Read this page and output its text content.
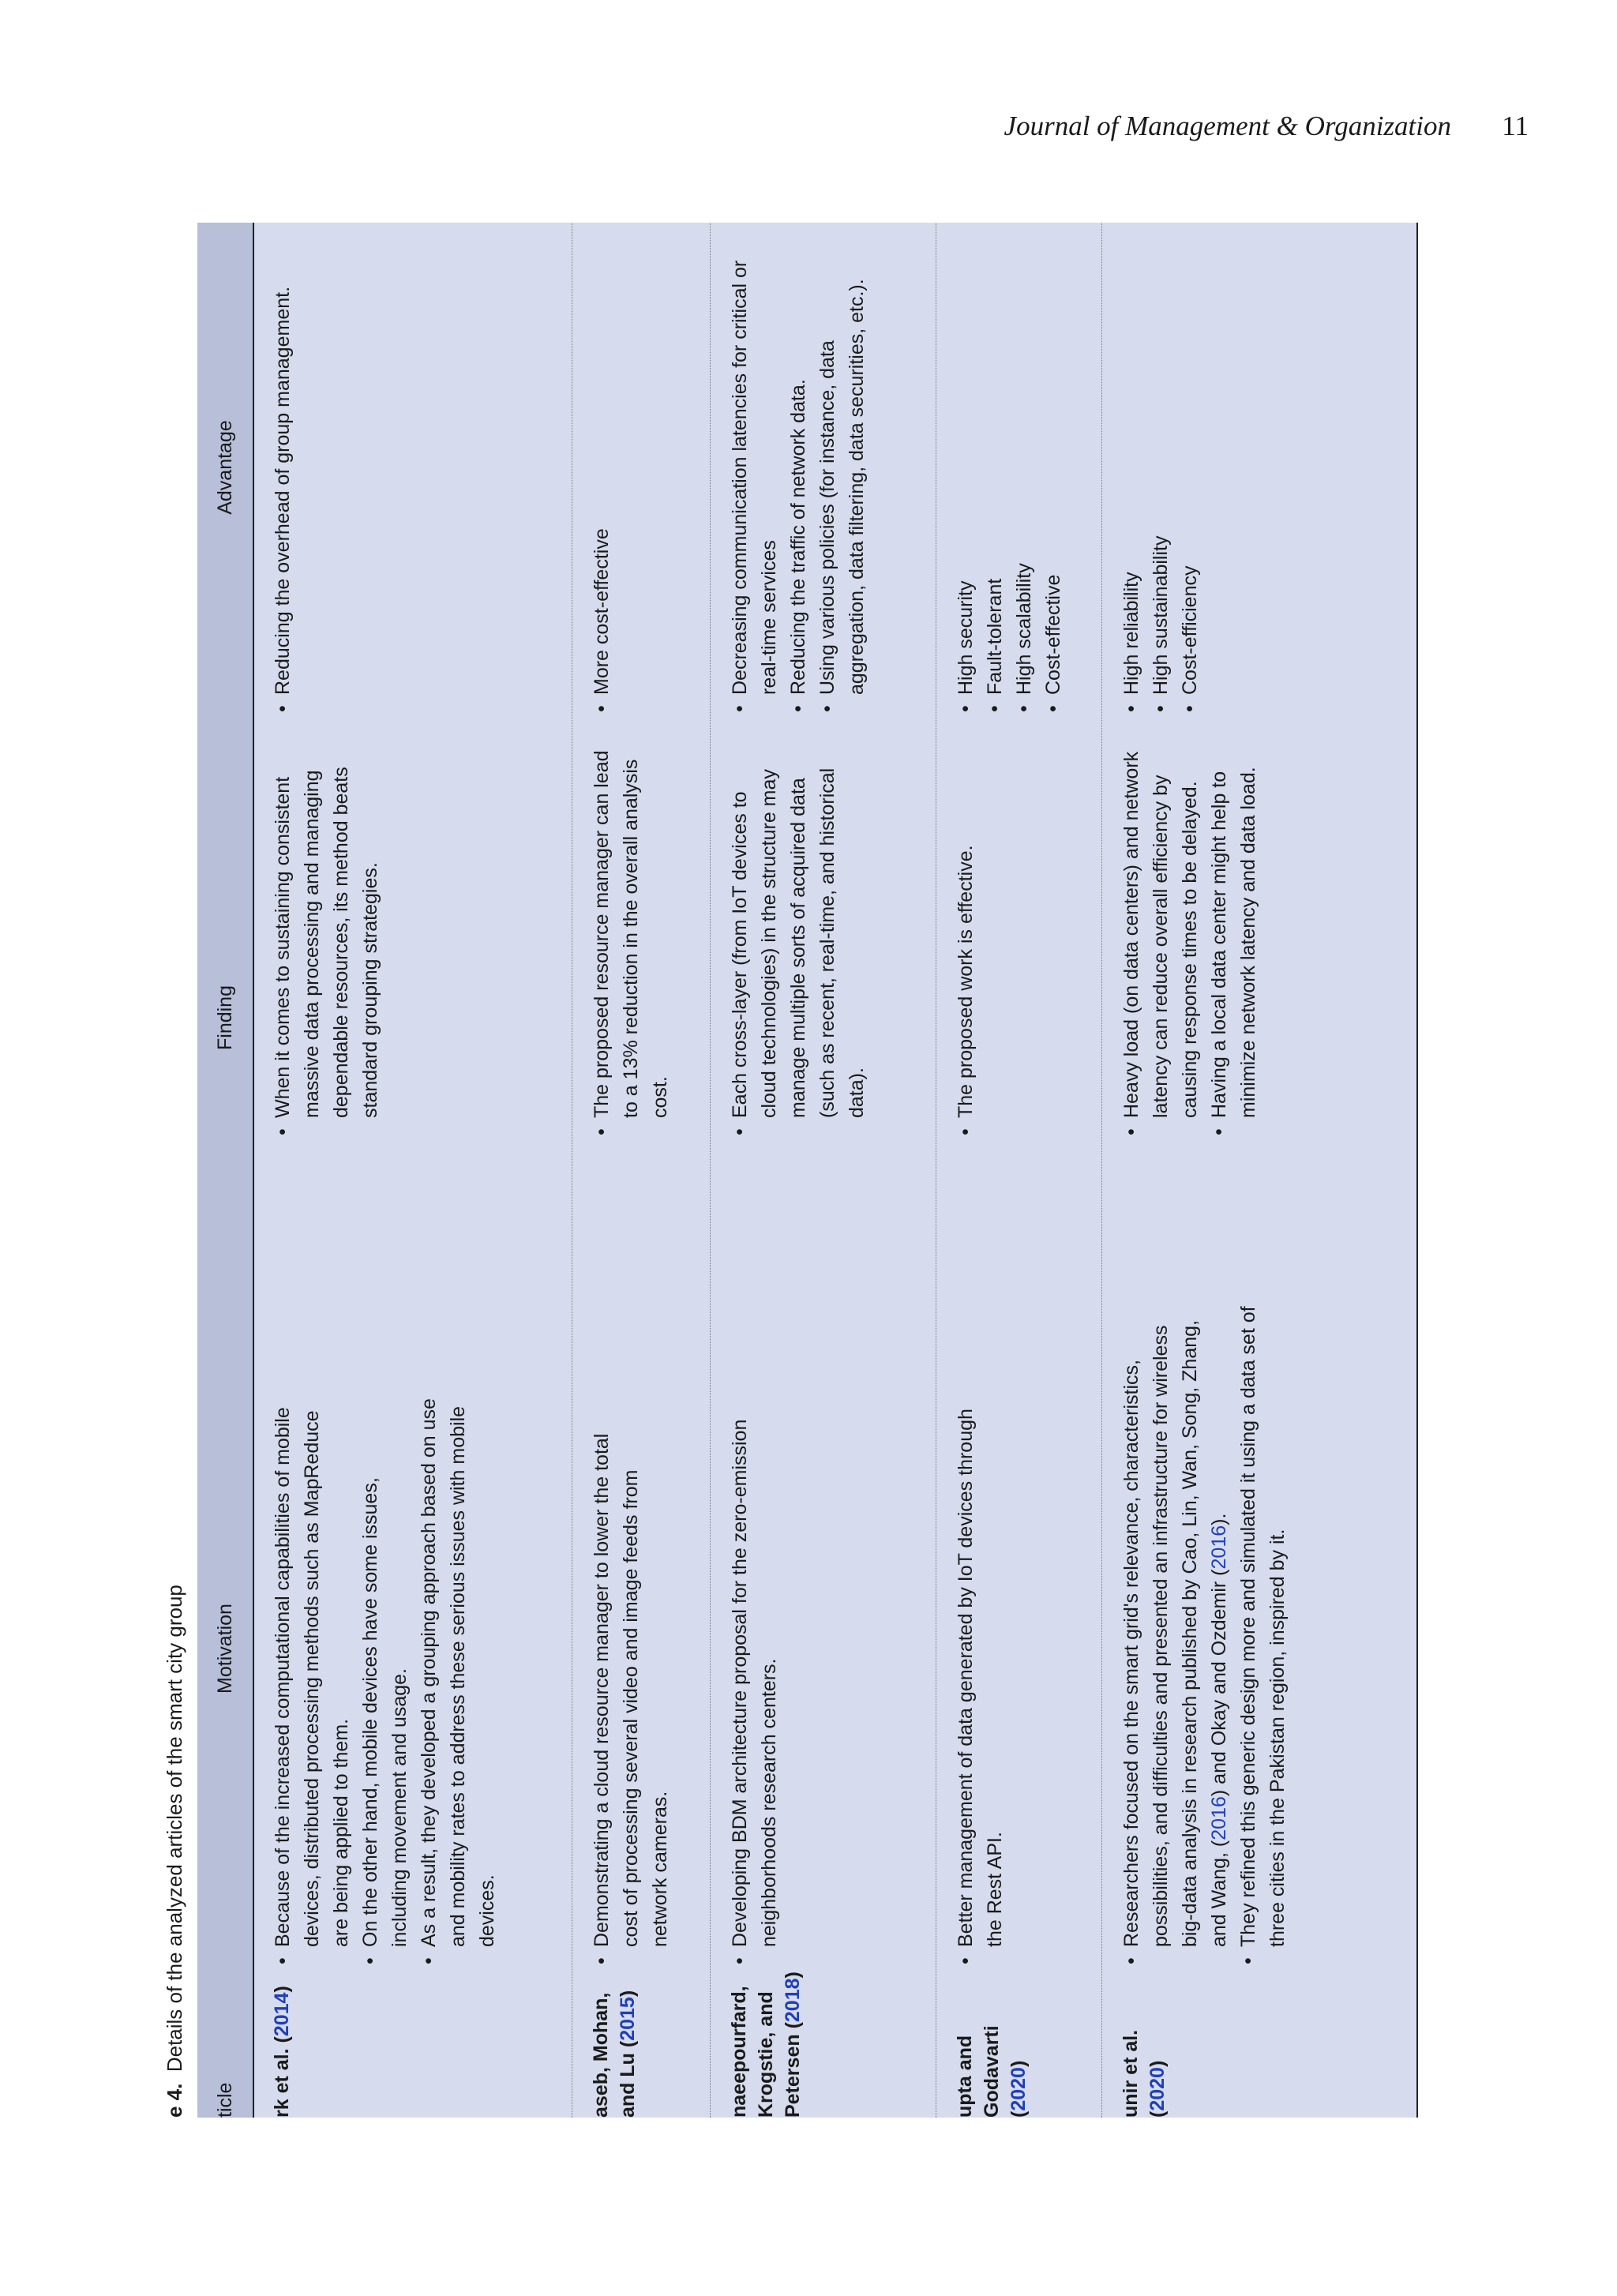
Journal of Management & Organization 11
e 4.  Details of the analyzed articles of the smart city group
ticle
Motivation
Finding
Advantage
rk et al. (2014)
• Because of the increased computational capabilities of mobile devices, distributed processing methods such as MapReduce are being applied to them. • On the other hand, mobile devices have some issues, including movement and usage. • As a result, they developed a grouping approach based on use and mobility rates to address these serious issues with mobile devices.
• When it comes to sustaining consistent massive data processing and managing dependable resources, its method beats standard grouping strategies.
• Reducing the overhead of group management.
aseb, Mohan, and Lu (2015)
• Demonstrating a cloud resource manager to lower the total cost of processing several video and image feeds from network cameras.
• The proposed resource manager can lead to a 13% reduction in the overall analysis cost.
• More cost-effective
naeepourfard, Krogstie, and Petersen (2018)
• Developing BDM architecture proposal for the zero-emission neighborhoods research centers.
• Each cross-layer (from IoT devices to cloud technologies) in the structure may manage multiple sorts of acquired data (such as recent, real-time, and historical data).
• Decreasing communication latencies for critical or real-time services • Reducing the traffic of network data. • Using various policies (for instance, data aggregation, data filtering, data securities, etc.).
upta and Godavarti (2020)
• Better management of data generated by IoT devices through the Rest API.
• The proposed work is effective.
• High security • Fault-tolerant • High scalability • Cost-effective
unir et al. (2020)
• Researchers focused on the smart grid's relevance, characteristics, possibilities, and difficulties and presented an infrastructure for wireless big-data analysis in research published by Cao, Lin, Wan, Song, Zhang, and Wang, (2016) and Okay and Ozdemir (2016). • They refined this generic design more and simulated it using a data set of three cities in the Pakistan region, inspired by it.
• Heavy load (on data centers) and network latency can reduce overall efficiency by causing response times to be delayed. • Having a local data center might help to minimize network latency and data load.
• High reliability • High sustainability • Cost-efficiency
